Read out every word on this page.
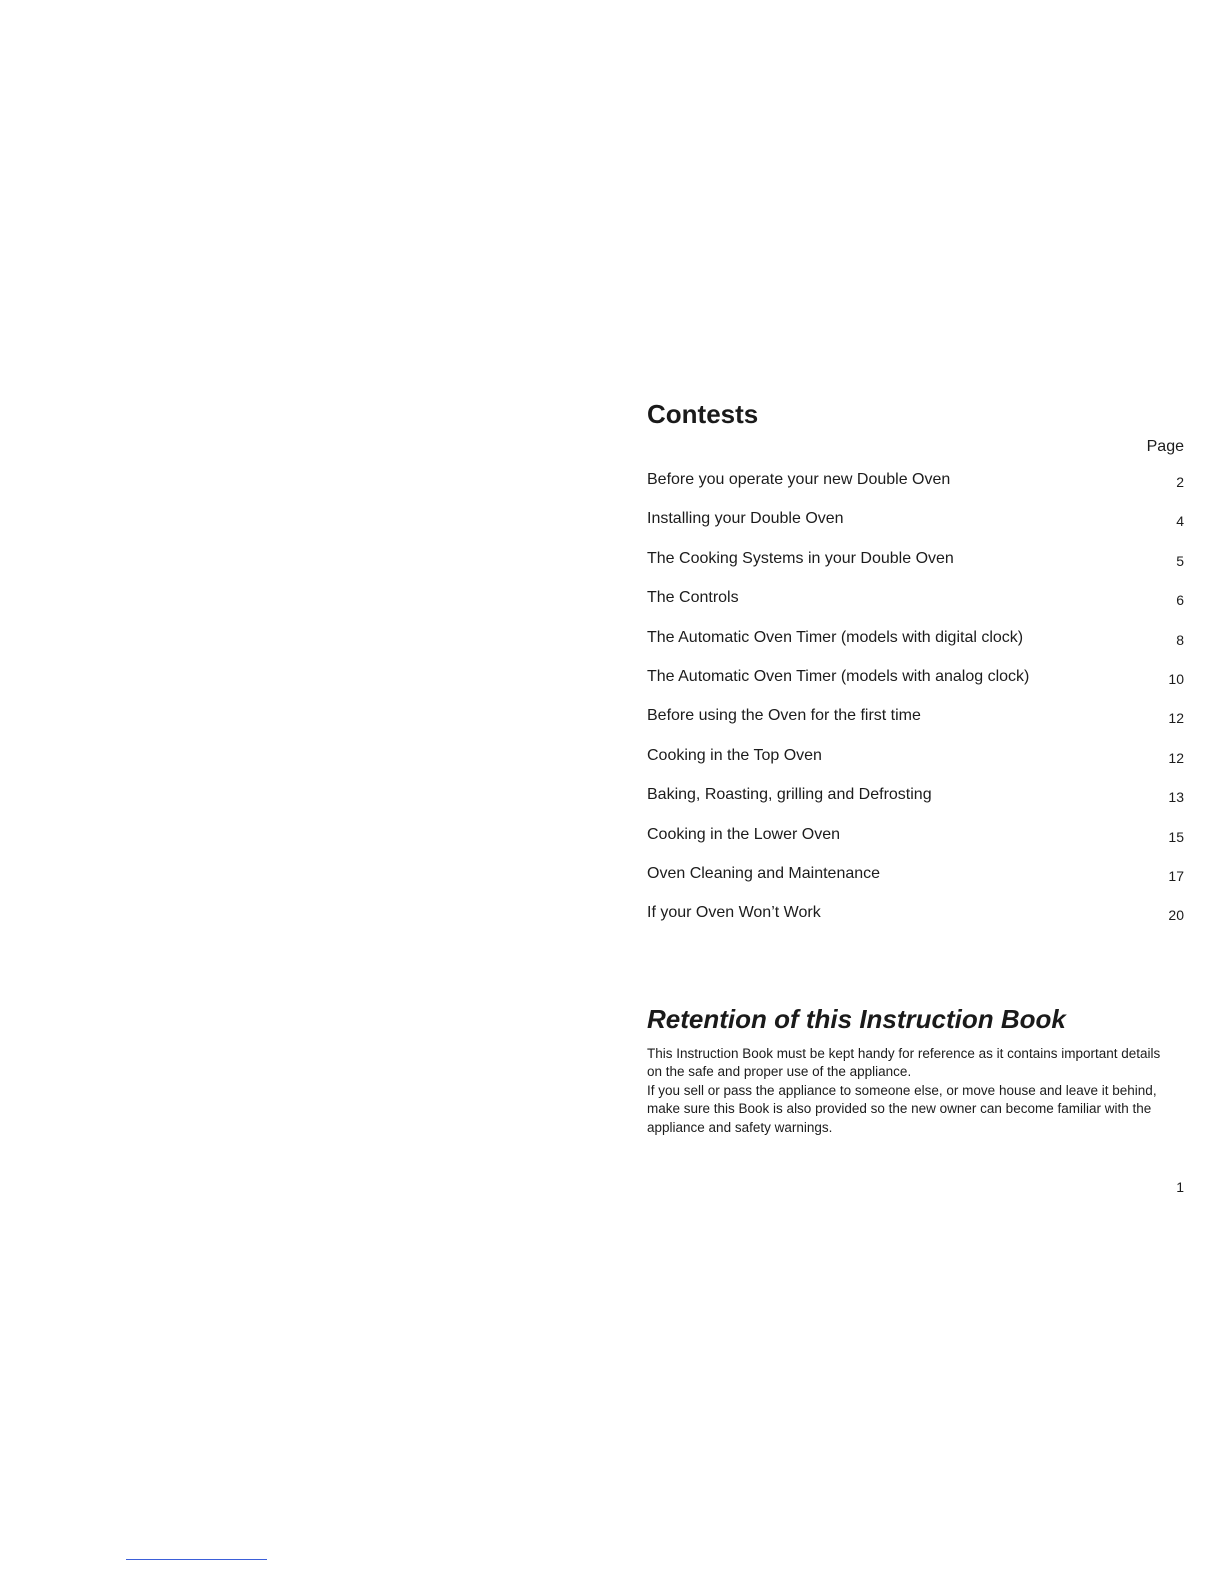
Contests
Page
Before you operate your new Double Oven	2
Installing your Double Oven	4
The Cooking Systems in your Double Oven	5
The Controls	6
The Automatic Oven Timer (models with digital clock)	8
The Automatic Oven Timer (models with analog clock)	10
Before using the Oven for the first time	12
Cooking in the Top Oven	12
Baking, Roasting, grilling and Defrosting	13
Cooking in the Lower Oven	15
Oven Cleaning and Maintenance	17
If your Oven Won’t Work	20
Retention of this Instruction Book

This Instruction Book must be kept handy for reference as it contains important details on the safe and proper use of the appliance.

If you sell or pass the appliance to someone else, or move house and leave it behind, make sure this Book is also provided so the new owner can become familiar with the appliance and safety warnings.

1
